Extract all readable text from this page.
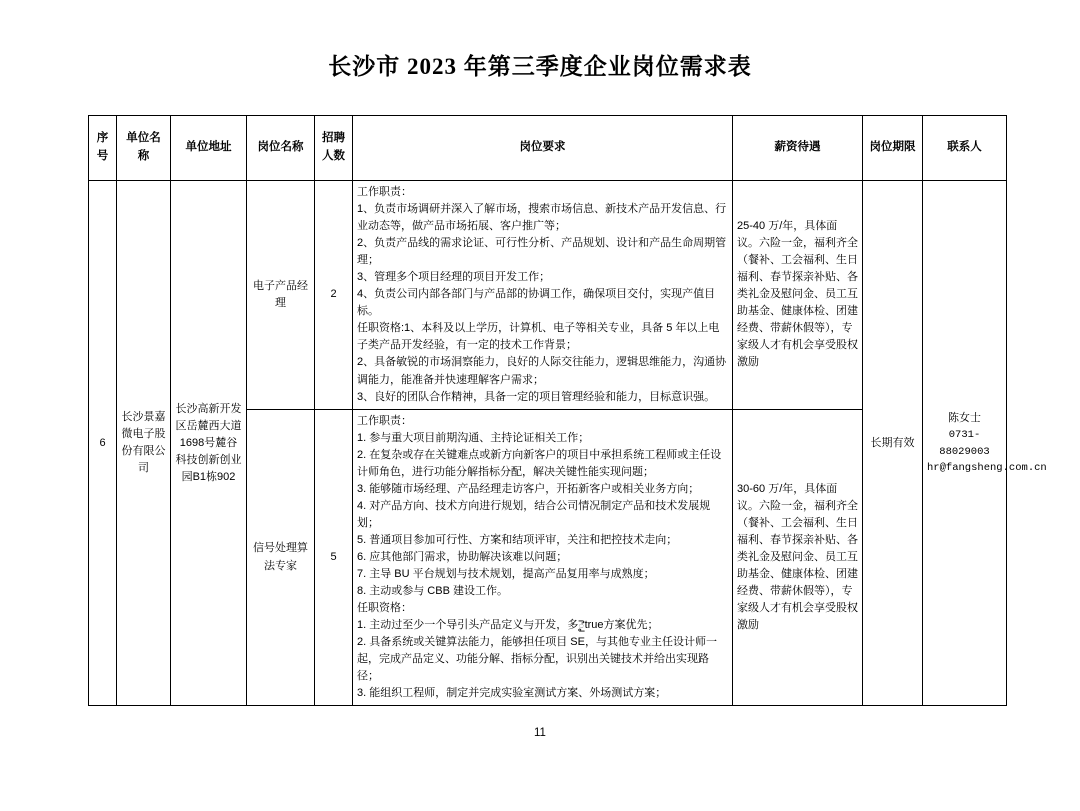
长沙市 2023 年第三季度企业岗位需求表
序号	单位名称	单位地址	岗位名称	招聘人数	岗位要求	薪资待遇	岗位期限	联系人
6	长沙景嘉微电子股份有限公司	长沙高新开发区岳麓西大道1698号麓谷科技创新创业园B1栋902	电子产品经理	2	
工作职责：
1、负责市场调研并深入了解市场，搜索市场信息、新技术产品开发信息、行业动态等，做产品市场拓展、客户推广等；
2、负责产品线的需求论证、可行性分析、产品规划、设计和产品生命周期管理；
3、管理多个项目经理的项目开发工作；
4、负责公司内部各部门与产品部的协调工作，确保项目交付，实现产值目标。
任职资格:1、本科及以上学历，计算机、电子等相关专业，具备 5 年以上电子类产品开发经验，有一定的技术工作背景；
2、具备敏锐的市场洞察能力，良好的人际交往能力，逻辑思维能力，沟通协调能力，能准备并快速理解客户需求；
3、良好的团队合作精神，具备一定的项目管理经验和能力，目标意识强。
	25-40 万/年，具体面议。六险一金，福利齐全（餐补、工会福利、生日福利、春节探亲补贴、各类礼金及慰问金、员工互助基金、健康体检、团建经费、带薪休假等），专家级人才有机会享受股权激励	长期有效	
陈女士
0731-88029003
hr@fangsheng.com.cn

信号处理算法专家	5	
工作职责：
1. 参与重大项目前期沟通、主持论证相关工作；
2. 在复杂或存在关键难点或新方向新客户的项目中承担系统工程师或主任设计师角色，进行功能分解指标分配，解决关键性能实现问题；
3. 能够随市场经理、产品经理走访客户，开拓新客户或相关业务方向；
4. 对产品方向、技术方向进行规划，结合公司情况制定产品和技术发展规划；
5. 普通项目参加可行性、方案和结项评审，关注和把控技术走向；
6. 应其他部门需求，协助解决该难以问题；
7. 主导 BU 平台规划与技术规划，提高产品复用率与成熟度；
8. 主动或参与 CBB 建设工作。
任职资格：
1. 主动过至少一个导引头产品定义与开发，多ైtrue方案优先；
2. 具备系统或关键算法能力，能够担任项目 SE，与其他专业主任设计师一起，完成产品定义、功能分解、指标分配，识别出关键技术并给出实现路径；
3. 能组织工程师，制定并完成实验室测试方案、外场测试方案；
	30-60 万/年，具体面议。六险一金，福利齐全（餐补、工会福利、生日福利、春节探亲补贴、各类礼金及慰问金、员工互助基金、健康体检、团建经费、带薪休假等），专家级人才有机会享受股权激励
11
